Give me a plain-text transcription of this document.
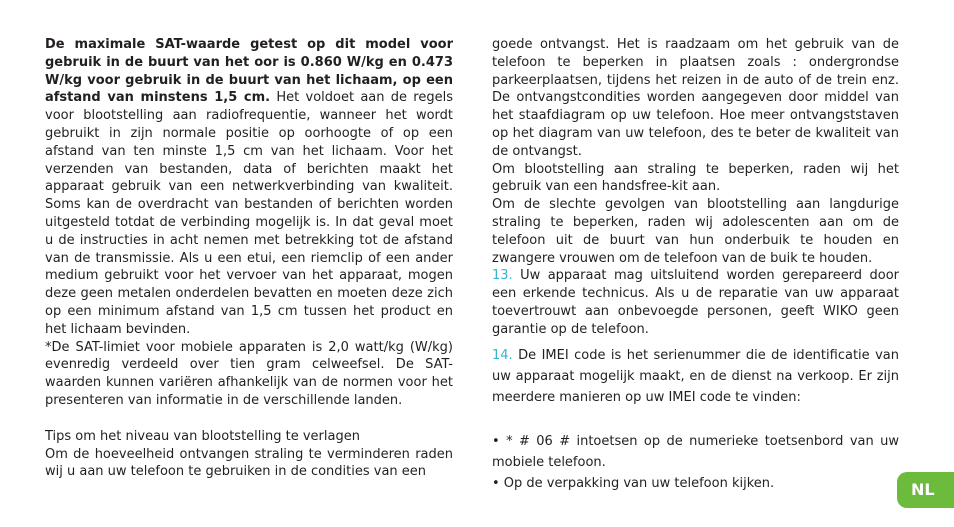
De maximale SAT-waarde getest op dit model voor gebruik in de buurt van het oor is 0.860 W/kg en 0.473 W/kg voor gebruik in de buurt van het lichaam, op een afstand van minstens 1,5 cm. Het voldoet aan de regels voor blootstelling aan radiofrequentie, wanneer het wordt gebruikt in zijn normale positie op oorhoogte of op een afstand van ten minste 1,5 cm van het lichaam. Voor het verzenden van bestanden, data of berichten maakt het apparaat gebruik van een netwerkverbinding van kwaliteit. Soms kan de overdracht van bestanden of berichten worden uitgesteld totdat de verbinding mogelijk is. In dat geval moet u de instructies in acht nemen met betrekking tot de afstand van de transmissie. Als u een etui, een riemclip of een ander medium gebruikt voor het vervoer van het apparaat, mogen deze geen metalen onderdelen bevatten en moeten deze zich op een minimum afstand van 1,5 cm tussen het product en het lichaam bevinden.

*De SAT-limiet voor mobiele apparaten is 2,0 watt/kg (W/kg) evenredig verdeeld over tien gram celweefsel. De SAT-waarden kunnen variëren afhankelijk van de normen voor het presenteren van informatie in de verschillende landen.

Tips om het niveau van blootstelling te verlagen

Om de hoeveelheid ontvangen straling te verminderen raden wij u aan uw telefoon te gebruiken in de condities van een

goede ontvangst. Het is raadzaam om het gebruik van de telefoon te beperken in plaatsen zoals : ondergrondse parkeerplaatsen, tijdens het reizen in de auto of de trein enz. De ontvangstcondities worden aangegeven door middel van het staafdiagram op uw telefoon. Hoe meer ontvangststaven op het diagram van uw telefoon, des te beter de kwaliteit van de ontvangst.

Om blootstelling aan straling te beperken, raden wij het gebruik van een handsfree-kit aan.

Om de slechte gevolgen van blootstelling aan langdurige straling te beperken, raden wij adolescenten aan om de telefoon uit de buurt van hun onderbuik te houden en zwangere vrouwen om de telefoon van de buik te houden.

13. Uw apparaat mag uitsluitend worden gerepareerd door een erkende technicus. Als u de reparatie van uw apparaat toevertrouwt aan onbevoegde personen, geeft WIKO geen garantie op de telefoon.

14. De IMEI code is het serienummer die de identificatie van uw apparaat mogelijk maakt, en de dienst na verkoop. Er zijn meerdere manieren op uw IMEI code te vinden:

• * # 06 # intoetsen op de numerieke toetsenbord van uw mobiele telefoon.

• Op de verpakking van uw telefoon kijken.	NL
